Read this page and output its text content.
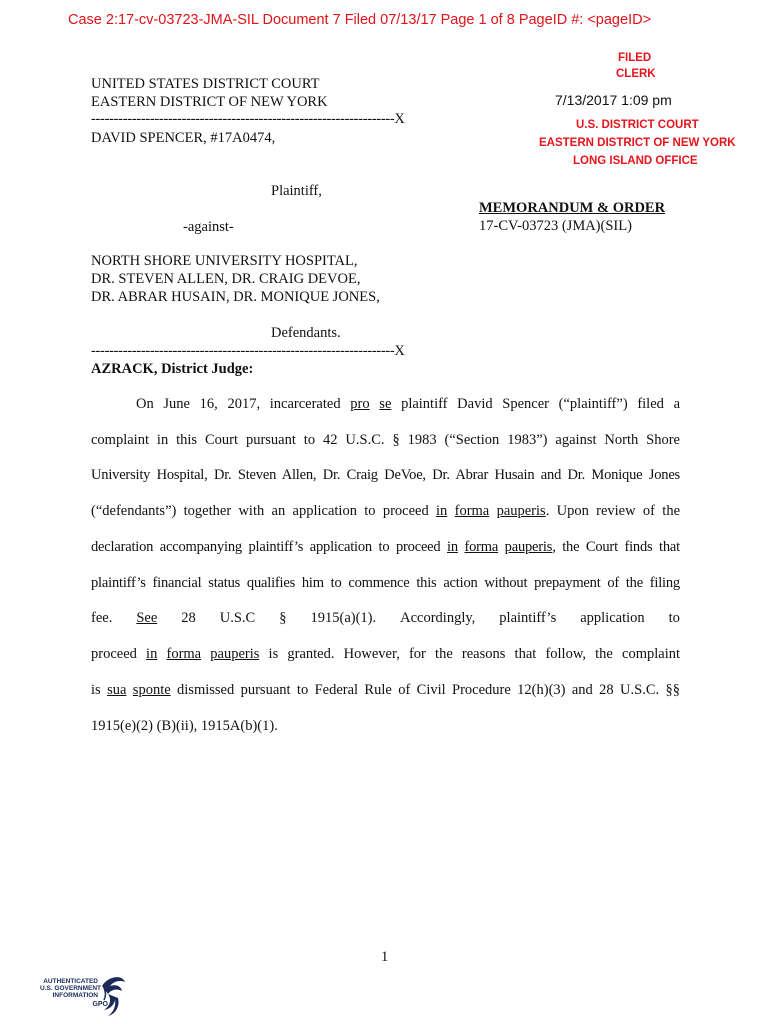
Case 2:17-cv-03723-JMA-SIL Document 7 Filed 07/13/17 Page 1 of 8 PageID #: <pageID>
FILED
CLERK
7/13/2017 1:09 pm
U.S. DISTRICT COURT
EASTERN DISTRICT OF NEW YORK
LONG ISLAND OFFICE
UNITED STATES DISTRICT COURT
EASTERN DISTRICT OF NEW YORK
-------------------------------------------------------------------X
DAVID SPENCER, #17A0474,
Plaintiff,
-against-
MEMORANDUM & ORDER
17-CV-03723 (JMA)(SIL)
NORTH SHORE UNIVERSITY HOSPITAL,
DR. STEVEN ALLEN, DR. CRAIG DEVOE,
DR. ABRAR HUSAIN, DR. MONIQUE JONES,
Defendants.
-------------------------------------------------------------------X
AZRACK, District Judge:
On June 16, 2017, incarcerated pro se plaintiff David Spencer (“plaintiff”) filed a
complaint in this Court pursuant to 42 U.S.C. § 1983 (“Section 1983”) against North Shore
University Hospital, Dr. Steven Allen, Dr. Craig DeVoe, Dr. Abrar Husain and Dr. Monique Jones
(“defendants”) together with an application to proceed in forma pauperis. Upon review of the
declaration accompanying plaintiff’s application to proceed in forma pauperis, the Court finds that
plaintiff’s financial status qualifies him to commence this action without prepayment of the filing
fee. See 28 U.S.C § 1915(a)(1). Accordingly, plaintiff’s application to
proceed in forma pauperis is granted. However, for the reasons that follow, the complaint
is sua sponte dismissed pursuant to Federal Rule of Civil Procedure 12(h)(3) and 28 U.S.C. §§
1915(e)(2) (B)(ii), 1915A(b)(1).
1
AUTHENTICATED
U.S. GOVERNMENT
INFORMATION
GPO
